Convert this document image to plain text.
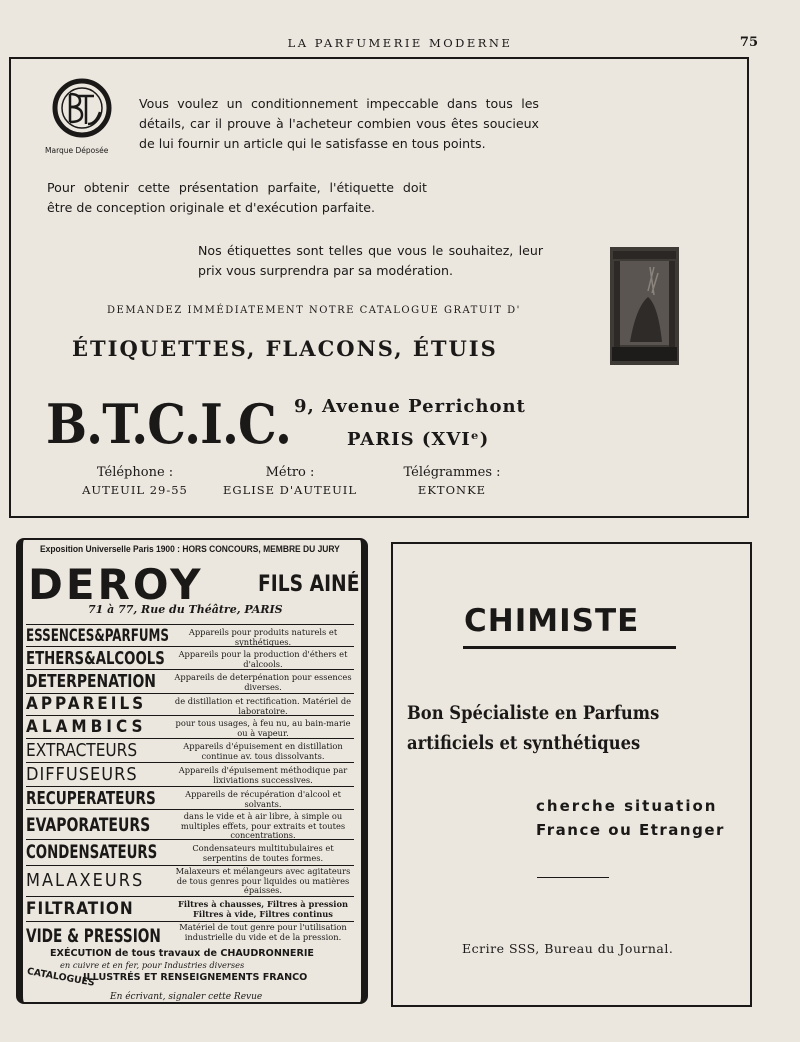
LA PARFUMERIE MODERNE	75
Marque Déposée
Vous voulez un conditionnement impeccable dans tous les détails, car il prouve à l'acheteur combien vous êtes soucieux de lui fournir un article qui le satisfasse en tous points.
Pour obtenir cette présentation parfaite, l'étiquette doit être de conception originale et d'exécution parfaite.
Nos étiquettes sont telles que vous le souhaitez, leur prix vous surprendra par sa modération.
DEMANDEZ IMMÉDIATEMENT NOTRE CATALOGUE GRATUIT D'
ÉTIQUETTES, FLACONS, ÉTUIS
B.T.C.I.C. 9, Avenue Perrichont
PARIS (XVIᵉ)
Téléphone :
AUTEUIL 29-55
Métro :
EGLISE D'AUTEUIL
Télégrammes :
EKTONKE
Exposition Universelle Paris 1900 : HORS CONCOURS, MEMBRE DU JURY
DEROY FILS AINÉ
71 à 77, Rue du Théâtre, PARIS
ESSENCES&PARFUMS	Appareils pour produits naturels et synthétiques.
ETHERS&ALCOOLS	Appareils pour la production d'éthers et d'alcools.
DETERPENATION Appareils de deterpénation pour essences diverses.
APPAREILS	de distillation et rectification. Matériel de laboratoire.
ALAMBICS	pour tous usages, à feu nu, au bain-marie ou à vapeur.
EXTRACTEURS	Appareils d'épuisement en distillation continue av. tous dissolvants.
DIFFUSEURS	Appareils d'épuisement méthodique par lixiviations successives.
RECUPERATEURS	Appareils de récupération d'alcool et solvants.
EVAPORATEURS	dans le vide et à air libre, à simple ou multiples effets, pour extraits et toutes concentrations.
CONDENSATEURS	Condensateurs multitubulaires et serpentins de toutes formes.
MALAXEURS	Malaxeurs et mélangeurs avec agitateurs de tous genres pour liquides ou matières épaisses.
FILTRATION	Filtres à chausses, Filtres à pression Filtres à vide, Filtres continus
VIDE & PRESSION	Matériel de tout genre pour l'utilisation industrielle du vide et de la pression.
EXÉCUTION de tous travaux de CHAUDRONNERIE
en cuivre et en fer, pour Industries diverses
CATALOGUES
ILLUSTRÉS ET RENSEIGNEMENTS FRANCO
En écrivant, signaler cette Revue
CHIMISTE
Bon Spécialiste en Parfums
artificiels et synthétiques
cherche situation
France ou Etranger
Ecrire SSS, Bureau du Journal.
